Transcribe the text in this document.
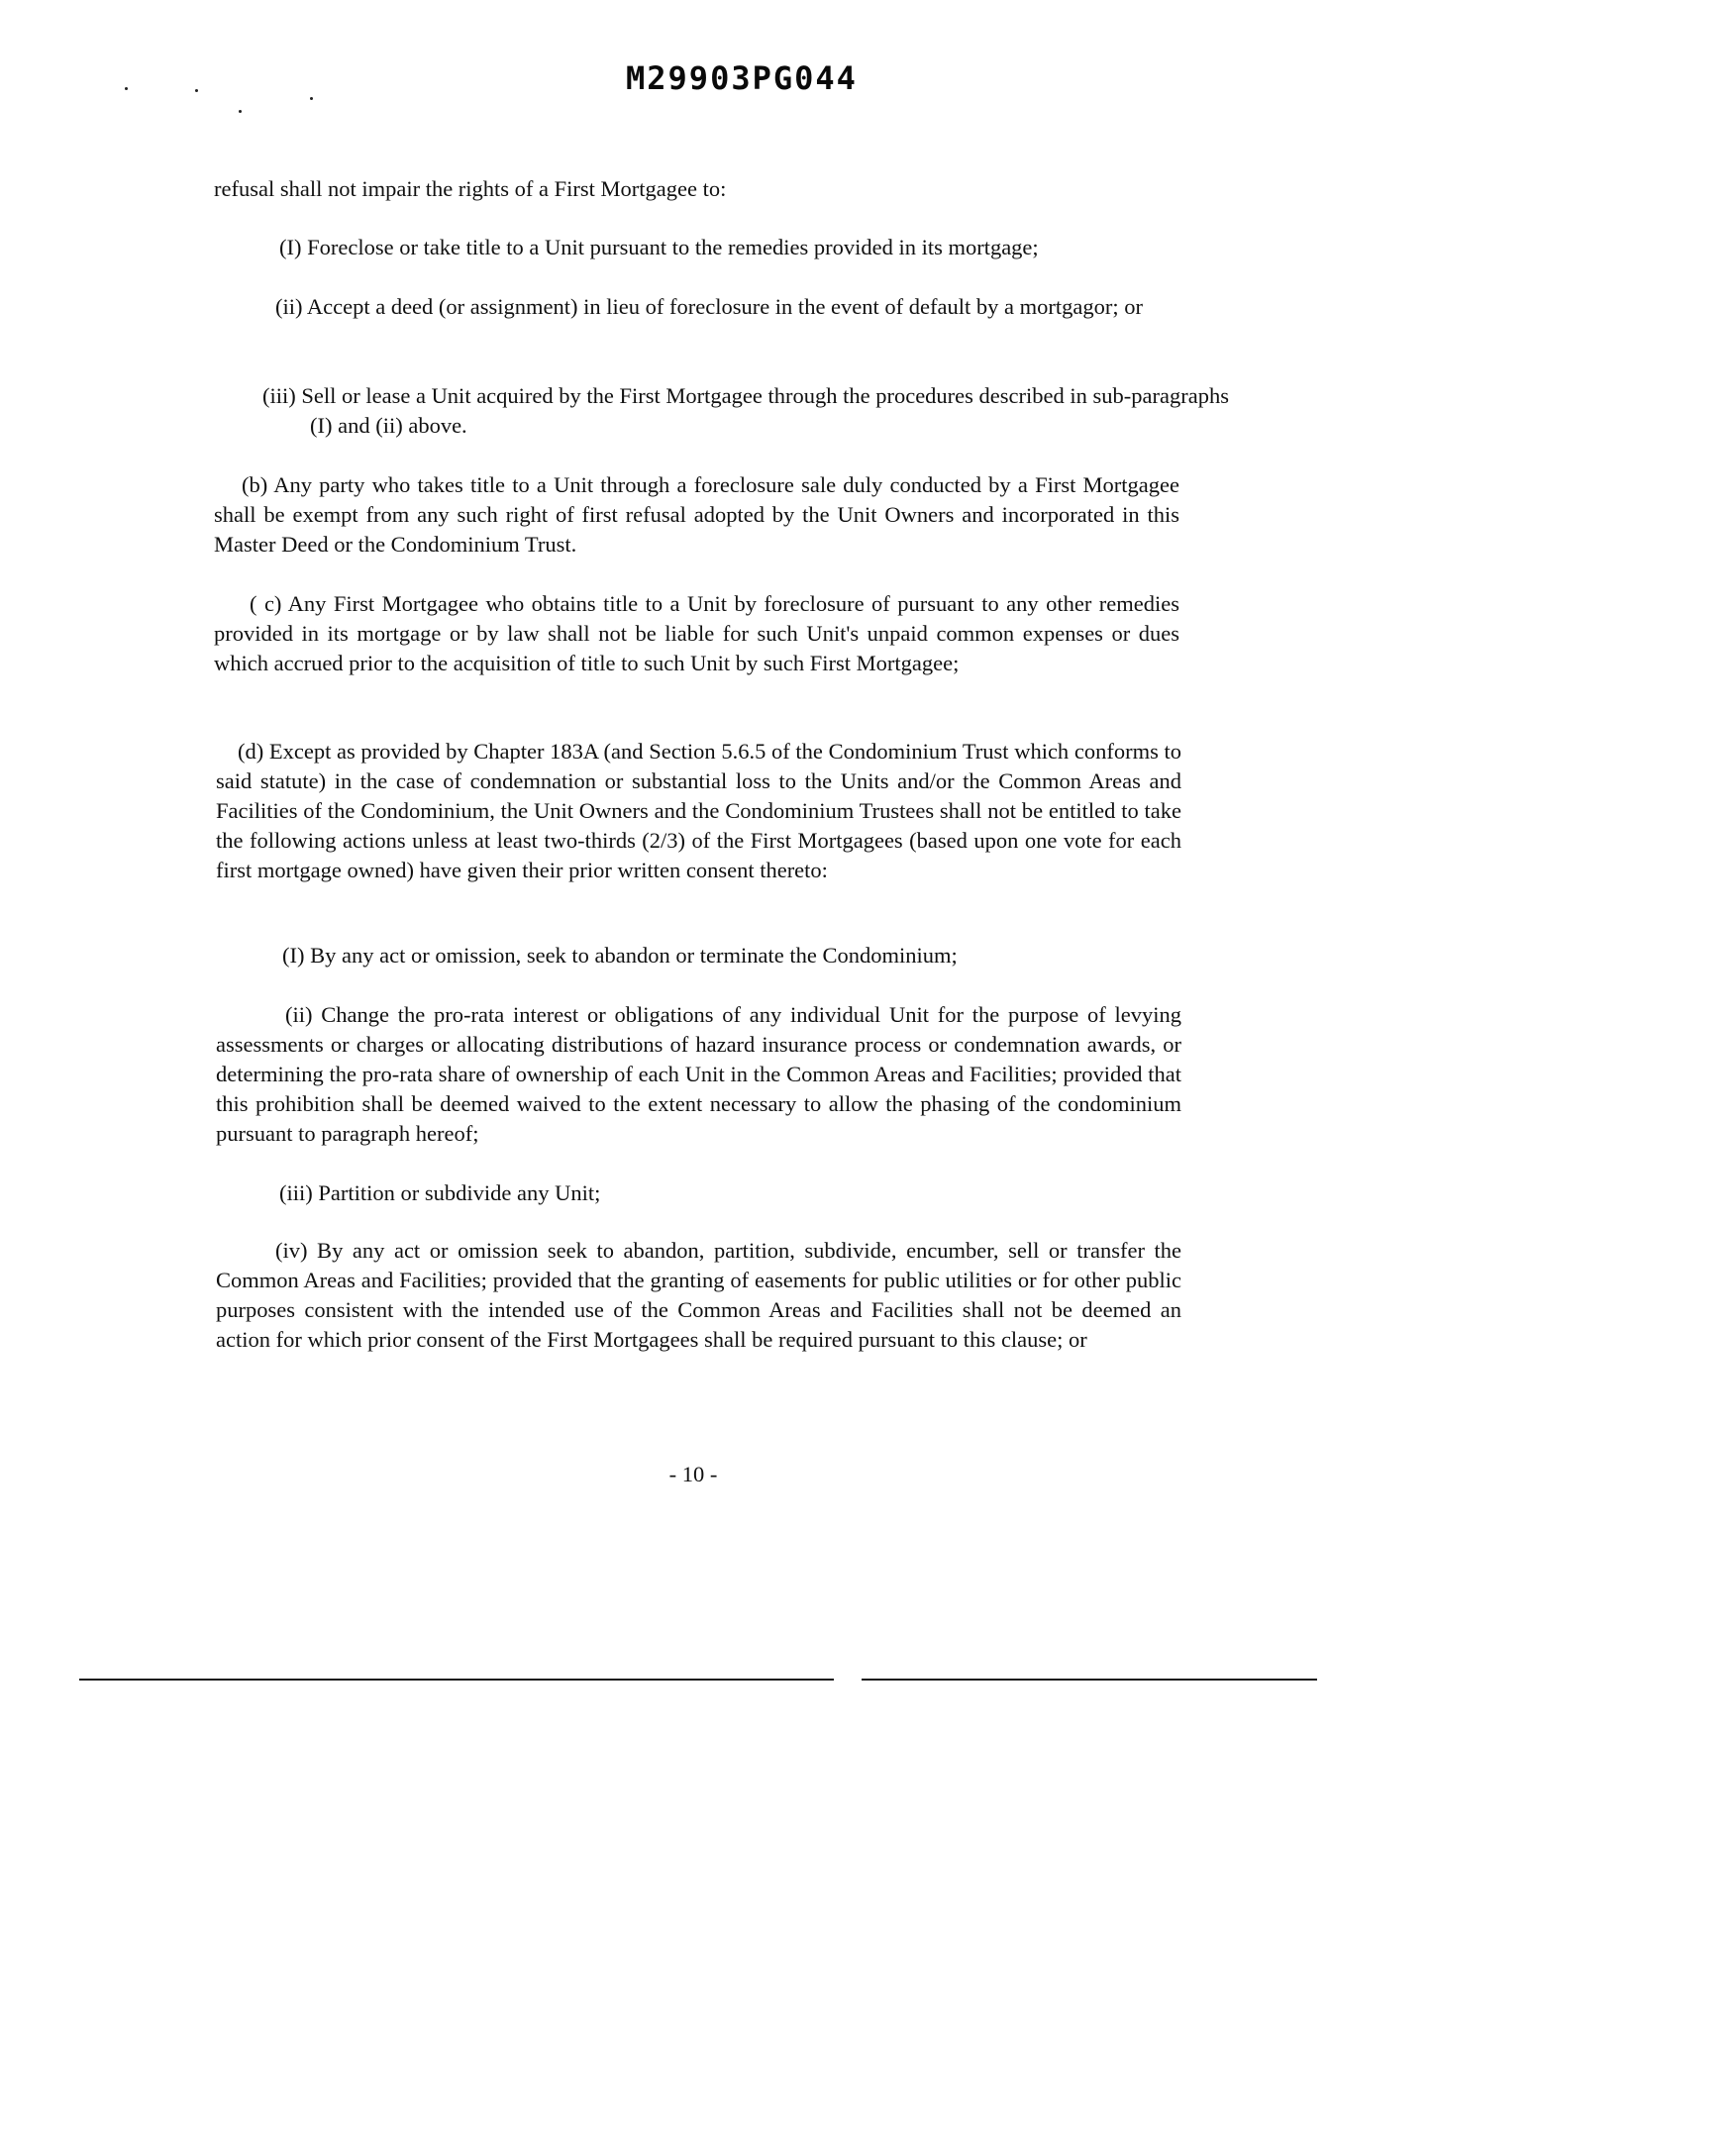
M29903PG044

refusal shall not impair the rights of a First Mortgagee to:

(I) Foreclose or take title to a Unit pursuant to the remedies provided in its mortgage;

(ii) Accept a deed (or assignment) in lieu of foreclosure in the event of default by a mortgagor; or

(iii) Sell or lease a Unit acquired by the First Mortgagee through the procedures described in sub-paragraphs (I) and (ii) above.

(b) Any party who takes title to a Unit through a foreclosure sale duly conducted by a First Mortgagee shall be exempt from any such right of first refusal adopted by the Unit Owners and incorporated in this Master Deed or the Condominium Trust.

( c) Any First Mortgagee who obtains title to a Unit by foreclosure of pursuant to any other remedies provided in its mortgage or by law shall not be liable for such Unit's unpaid common expenses or dues which accrued prior to the acquisition of title to such Unit by such First Mortgagee;

(d) Except as provided by Chapter 183A (and Section 5.6.5 of the Condominium Trust which conforms to said statute) in the case of condemnation or substantial loss to the Units and/or the Common Areas and Facilities of the Condominium, the Unit Owners and the Condominium Trustees shall not be entitled to take the following actions unless at least two-thirds (2/3) of the First Mortgagees (based upon one vote for each first mortgage owned) have given their prior written consent thereto:

(I) By any act or omission, seek to abandon or terminate the Condominium;

(ii) Change the pro-rata interest or obligations of any individual Unit for the purpose of levying assessments or charges or allocating distributions of hazard insurance process or condemnation awards, or determining the pro-rata share of ownership of each Unit in the Common Areas and Facilities; provided that this prohibition shall be deemed waived to the extent necessary to allow the phasing of the condominium pursuant to paragraph hereof;

(iii) Partition or subdivide any Unit;

(iv) By any act or omission seek to abandon, partition, subdivide, encumber, sell or transfer the Common Areas and Facilities; provided that the granting of easements for public utilities or for other public purposes consistent with the intended use of the Common Areas and Facilities shall not be deemed an action for which prior consent of the First Mortgagees shall be required pursuant to this clause; or

- 10 -
